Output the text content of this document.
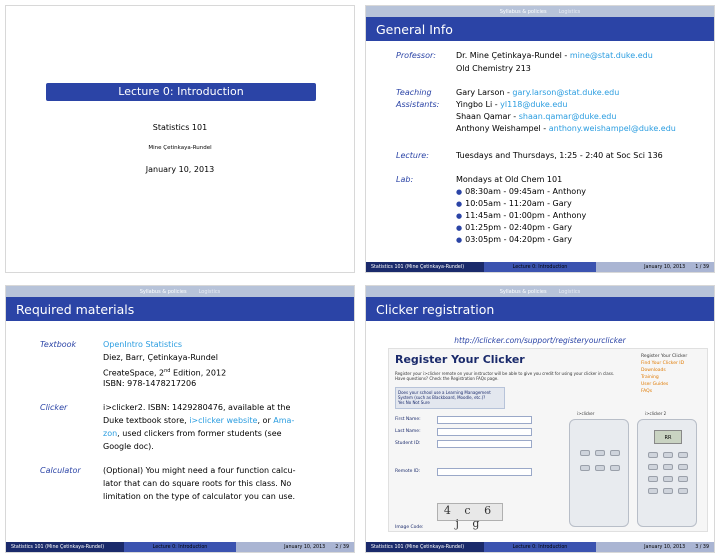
Lecture 0: Introduction
Statistics 101
Mine Çetinkaya-Rundel
January 10, 2013
Syllabus & policies Logistics
General Info
Professor:	Dr. Mine Çetinkaya-Rundel - mine@stat.duke.edu
Old Chemistry 213
Teaching
Assistants:
Gary Larson - gary.larson@stat.duke.edu
Yingbo Li - yl118@duke.edu
Shaan Qamar - shaan.qamar@duke.edu
Anthony Weishampel - anthony.weishampel@duke.edu
Lecture:	Tuesdays and Thursdays, 1:25 - 2:40 at Soc Sci 136
Lab:	Mondays at Old Chem 101
● 08:30am - 09:45am - Anthony
● 10:05am - 11:20am - Gary
● 11:45am - 01:00pm - Anthony
● 01:25pm - 02:40pm - Gary
● 03:05pm - 04:20pm - Gary
Statistics 101 (Mine Çetinkaya-Rundel)	Lecture 0: Introduction	January 10, 2013 1 / 39
Syllabus & policies Logistics
Required materials
Textbook	OpenIntro Statistics
Diez, Barr, Çetinkaya-Rundel
CreateSpace, 2nd Edition, 2012
ISBN: 978-1478217206
Clicker	i>clicker2. ISBN: 1429280476, available at the
Duke textbook store, i>clicker website, or Ama-
zon, used clickers from former students (see
Google doc).
Calculator	(Optional) You might need a four function calcu-
lator that can do square roots for this class. No
limitation on the type of calculator you can use.
Statistics 101 (Mine Çetinkaya-Rundel)	Lecture 0: Introduction	January 10, 2013 2 / 39
Syllabus & policies Logistics
Clicker registration
http://iclicker.com/support/registeryourclicker
Register Your Clicker
Register your i>clicker remote on your instructor will be able to give you credit for using your clicker in class. Have questions? Check the Registration FAQs page.
Does your school use a Learning Management System (such as Blackboard, Moodle, etc.)?
Yes No Not Sure
Register Your Clicker
Find Your Clicker ID
Downloads
Training
User Guides
FAQs
First Name:
Last Name:
Student ID:
Remote ID:
4 c 6 j g
Image Code:
i>clicker	i>clicker 2
RR
Statistics 101 (Mine Çetinkaya-Rundel)	Lecture 0: Introduction	January 10, 2013 3 / 39
